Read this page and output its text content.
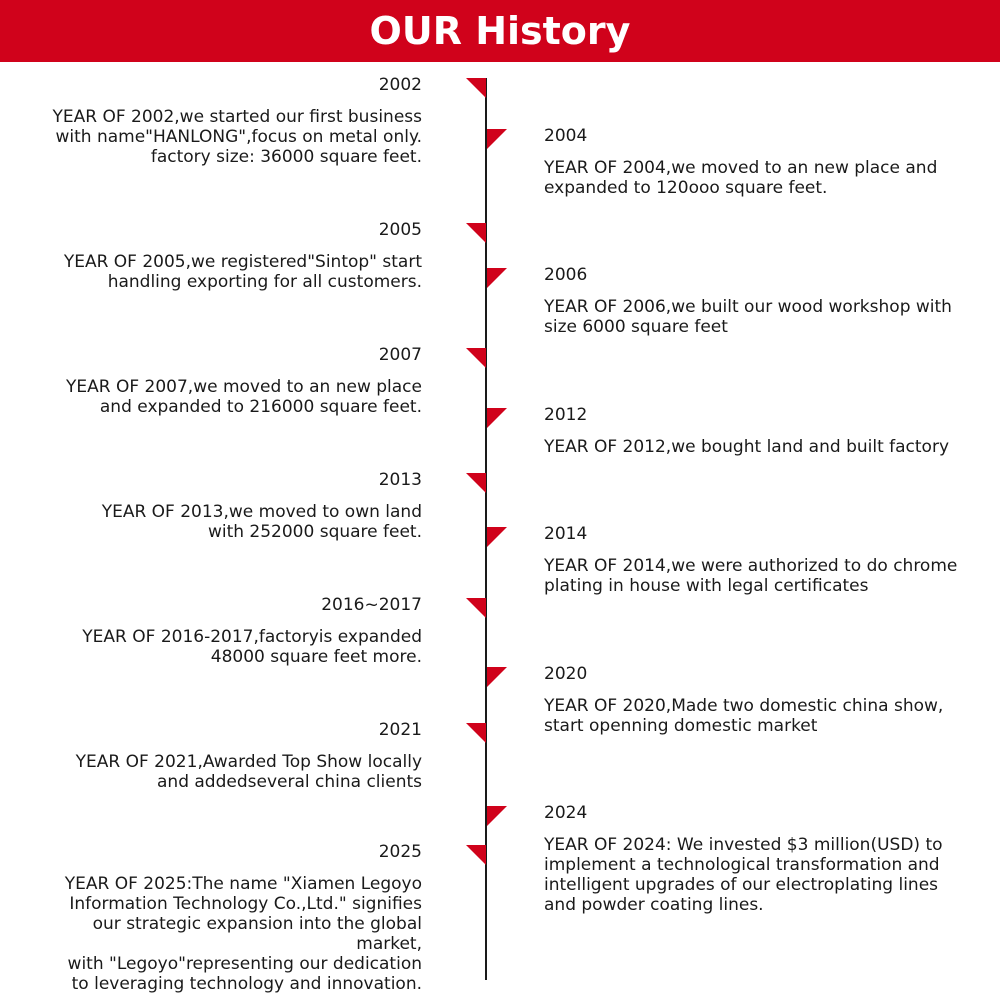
OUR History
2002
YEAR OF 2002,we started our first business
with name"HANLONG",focus on metal only.
factory size: 36000 square feet.
2005
YEAR OF 2005,we registered"Sintop" start
handling exporting for all customers.
2007
YEAR OF 2007,we moved to an new place
and expanded to 216000 square feet.
2013
YEAR OF 2013,we moved to own land
with 252000 square feet.
2016~2017
YEAR OF 2016-2017,factoryis expanded
48000 square feet more.
2021
YEAR OF 2021,Awarded Top Show locally
and addedseveral china clients
2025
YEAR OF 2025:The name "Xiamen Legoyo
Information Technology Co.,Ltd." signifies
our strategic expansion into the global market,
with "Legoyo"representing our dedication
to leveraging technology and innovation.
2004
YEAR OF 2004,we moved to an new place and
expanded to 120ooo square feet.
2006
YEAR OF 2006,we built our wood workshop with
size 6000 square feet
2012
YEAR OF 2012,we bought land and built factory
2014
YEAR OF 2014,we were authorized to do chrome
plating in house with legal certificates
2020
YEAR OF 2020,Made two domestic china show,
start openning domestic market
2024
YEAR OF 2024: We invested $3 million(USD) to
implement a technological transformation and
intelligent upgrades of our electroplating lines
and powder coating lines.
